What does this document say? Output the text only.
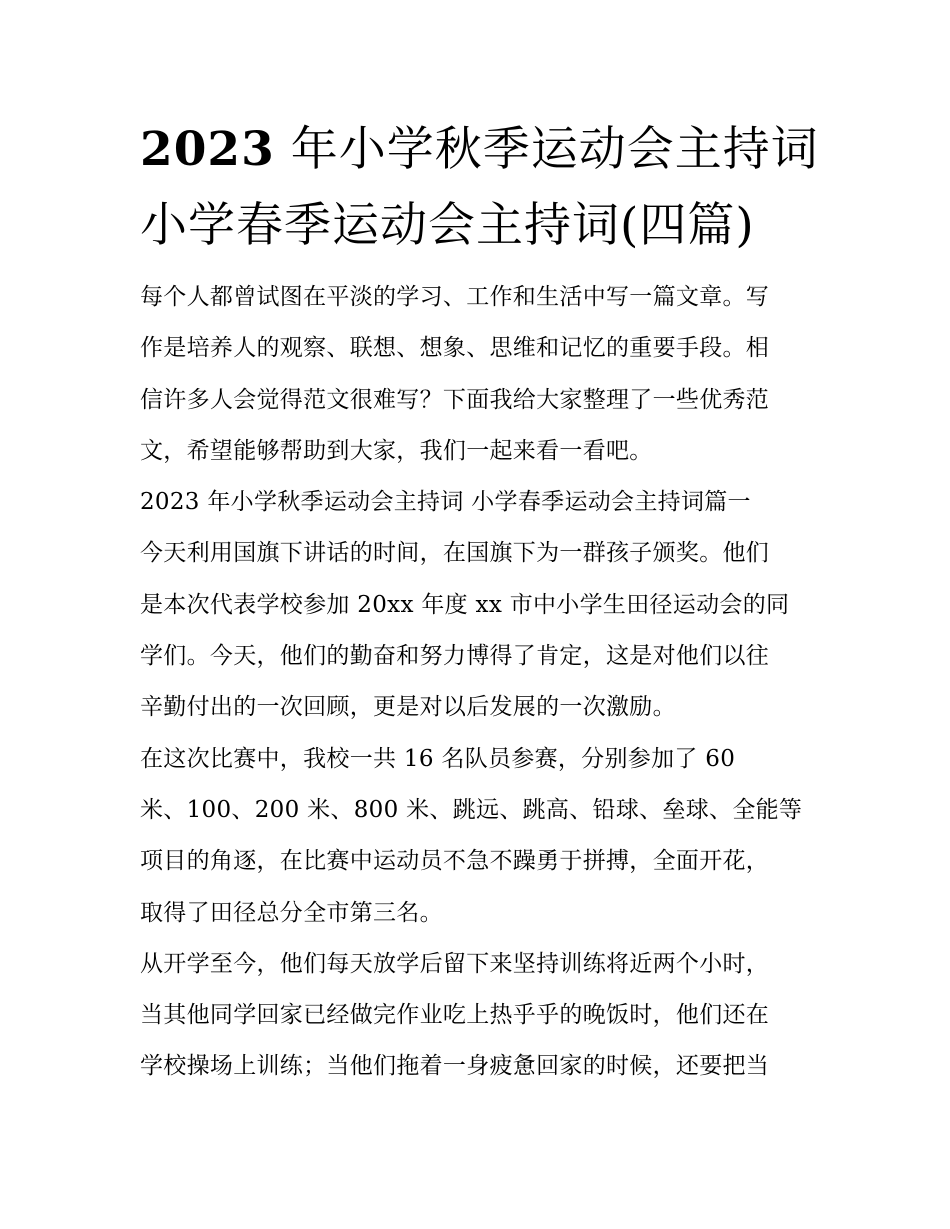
2023 年小学秋季运动会主持词
小学春季运动会主持词(四篇)
每个人都曾试图在平淡的学习、工作和生活中写一篇文章。写
作是培养人的观察、联想、想象、思维和记忆的重要手段。相
信许多人会觉得范文很难写？下面我给大家整理了一些优秀范
文，希望能够帮助到大家，我们一起来看一看吧。
2023 年小学秋季运动会主持词 小学春季运动会主持词篇一
今天利用国旗下讲话的时间，在国旗下为一群孩子颁奖。他们
是本次代表学校参加 20xx 年度 xx 市中小学生田径运动会的同
学们。今天，他们的勤奋和努力博得了肯定，这是对他们以往
辛勤付出的一次回顾，更是对以后发展的一次激励。
在这次比赛中，我校一共 16 名队员参赛，分别参加了 60
米、100、200 米、800 米、跳远、跳高、铅球、垒球、全能等
项目的角逐，在比赛中运动员不急不躁勇于拼搏，全面开花，
取得了田径总分全市第三名。
从开学至今，他们每天放学后留下来坚持训练将近两个小时，
当其他同学回家已经做完作业吃上热乎乎的晚饭时，他们还在
学校操场上训练；当他们拖着一身疲惫回家的时候，还要把当
